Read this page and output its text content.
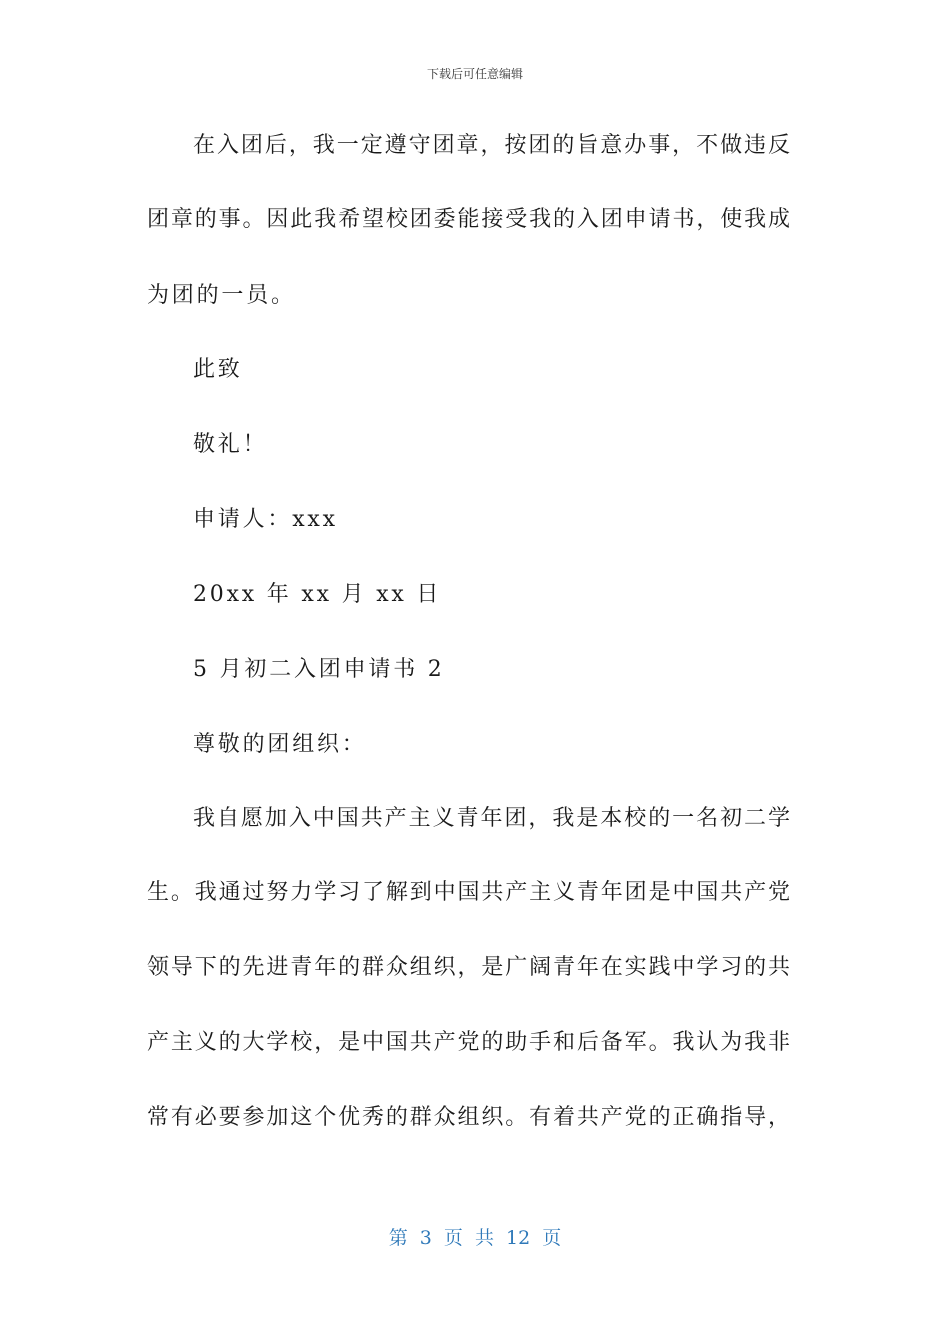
下载后可任意编辑
在入团后，我一定遵守团章，按团的旨意办事，不做违反
团章的事。因此我希望校团委能接受我的入团申请书，使我成
为团的一员。
此致
敬礼！
申请人：xxx
20xx 年 xx 月 xx 日
5 月初二入团申请书 2
尊敬的团组织：
我自愿加入中国共产主义青年团，我是本校的一名初二学
生。我通过努力学习了解到中国共产主义青年团是中国共产党
领导下的先进青年的群众组织，是广阔青年在实践中学习的共
产主义的大学校，是中国共产党的助手和后备军。我认为我非
常有必要参加这个优秀的群众组织。有着共产党的正确指导，
第 3 页 共 12 页
